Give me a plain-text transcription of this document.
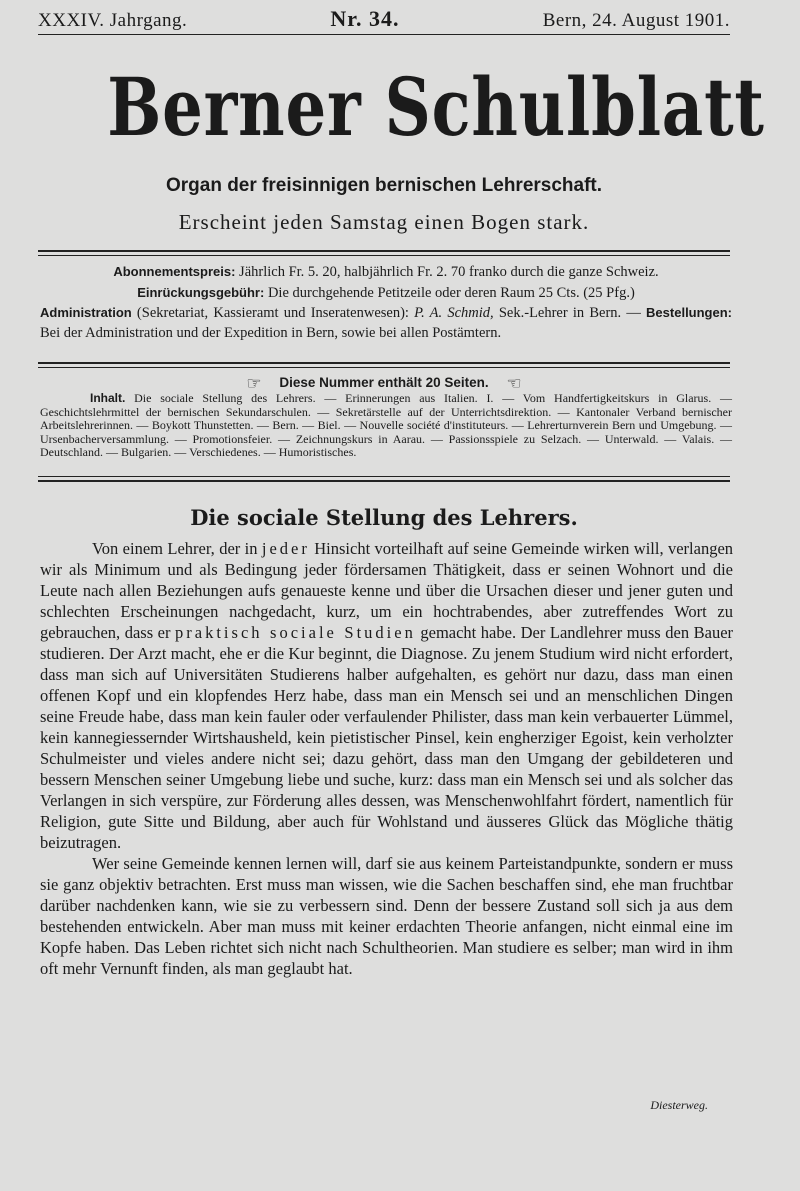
XXXIV. Jahrgang.	Nr. 34.	Bern, 24. August 1901.
Berner Schulblatt
Organ der freisinnigen bernischen Lehrerschaft.
Erscheint jeden Samstag einen Bogen stark.
Abonnementspreis: Jährlich Fr. 5. 20, halbjährlich Fr. 2. 70 franko durch die ganze Schweiz.
Einrückungsgebühr: Die durchgehende Petitzeile oder deren Raum 25 Cts. (25 Pfg.)
Administration (Sekretariat, Kassieramt und Inseratenwesen): P. A. Schmid, Sek.-Lehrer in Bern. — Bestellungen: Bei der Administration und der Expedition in Bern, sowie bei allen Postämtern.
☞ Diese Nummer enthält 20 Seiten. ☜
Inhalt. Die sociale Stellung des Lehrers. — Erinnerungen aus Italien. I. — Vom Handfertigkeitskurs in Glarus. — Geschichtslehrmittel der bernischen Sekundarschulen. — Sekretärstelle auf der Unterrichtsdirektion. — Kantonaler Verband bernischer Arbeitslehrerinnen. — Boykott Thunstetten. — Bern. — Biel. — Nouvelle société d'instituteurs. — Lehrerturnverein Bern und Umgebung. — Ursenbacherversammlung. — Promotionsfeier. — Zeichnungskurs in Aarau. — Passionsspiele zu Selzach. — Unterwald. — Valais. — Deutschland. — Bulgarien. — Verschiedenes. — Humoristisches.
Die sociale Stellung des Lehrers.

Von einem Lehrer, der in jeder Hinsicht vorteilhaft auf seine Gemeinde wirken will, verlangen wir als Minimum und als Bedingung jeder fördersamen Thätigkeit, dass er seinen Wohnort und die Leute nach allen Beziehungen aufs genaueste kenne und über die Ursachen dieser und jener guten und schlechten Erscheinungen nachgedacht, kurz, um ein hochtrabendes, aber zutreffendes Wort zu gebrauchen, dass er praktisch sociale Studien gemacht habe. Der Landlehrer muss den Bauer studieren. Der Arzt macht, ehe er die Kur beginnt, die Diagnose. Zu jenem Studium wird nicht erfordert, dass man sich auf Universitäten Studierens halber aufgehalten, es gehört nur dazu, dass man einen offenen Kopf und ein klopfendes Herz habe, dass man ein Mensch sei und an menschlichen Dingen seine Freude habe, dass man kein fauler oder verfaulender Philister, dass man kein verbauerter Lümmel, kein kannegiessernder Wirtshausheld, kein pietistischer Pinsel, kein engherziger Egoist, kein verholzter Schulmeister und vieles andere nicht sei; dazu gehört, dass man den Umgang der gebildeteren und bessern Menschen seiner Umgebung liebe und suche, kurz: dass man ein Mensch sei und als solcher das Verlangen in sich verspüre, zur Förderung alles dessen, was Menschenwohlfahrt fördert, namentlich für Religion, gute Sitte und Bildung, aber auch für Wohlstand und äusseres Glück das Mögliche thätig beizutragen.

Wer seine Gemeinde kennen lernen will, darf sie aus keinem Parteistandpunkte, sondern er muss sie ganz objektiv betrachten. Erst muss man wissen, wie die Sachen beschaffen sind, ehe man fruchtbar darüber nachdenken kann, wie sie zu verbessern sind. Denn der bessere Zustand soll sich ja aus dem bestehenden entwickeln. Aber man muss mit keiner erdachten Theorie anfangen, nicht einmal eine im Kopfe haben. Das Leben richtet sich nicht nach Schultheorien. Man studiere es selber; man wird in ihm oft mehr Vernunft finden, als man geglaubt hat.

Diesterweg.
